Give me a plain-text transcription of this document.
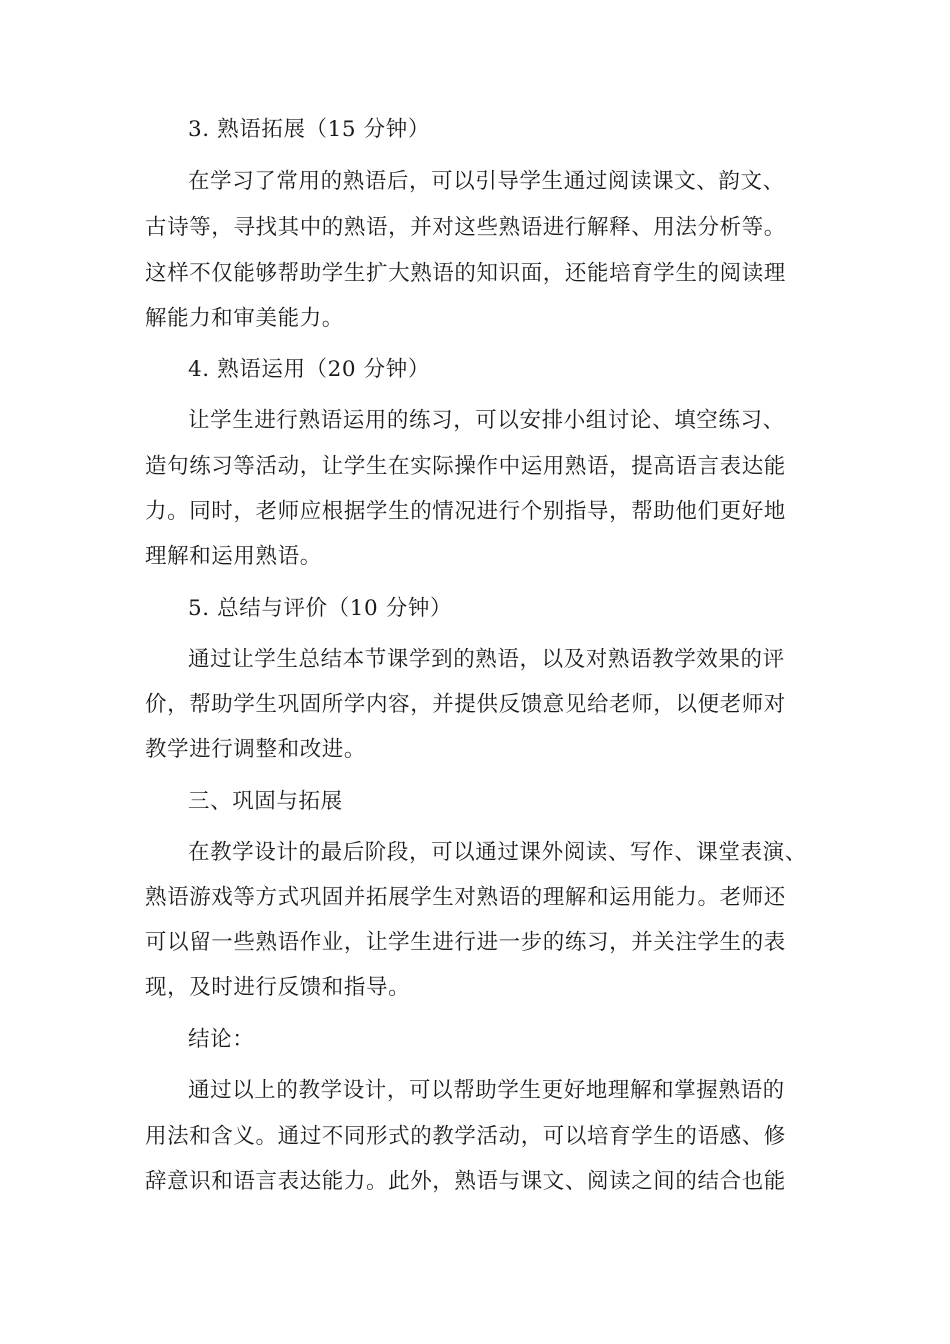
3. 熟语拓展（15 分钟）
在学习了常用的熟语后，可以引导学生通过阅读课文、韵文、
古诗等，寻找其中的熟语，并对这些熟语进行解释、用法分析等。
这样不仅能够帮助学生扩大熟语的知识面，还能培育学生的阅读理
解能力和审美能力。
4. 熟语运用（20 分钟）
让学生进行熟语运用的练习，可以安排小组讨论、填空练习、
造句练习等活动，让学生在实际操作中运用熟语，提高语言表达能
力。同时，老师应根据学生的情况进行个别指导，帮助他们更好地
理解和运用熟语。
5. 总结与评价（10 分钟）
通过让学生总结本节课学到的熟语，以及对熟语教学效果的评
价，帮助学生巩固所学内容，并提供反馈意见给老师，以便老师对
教学进行调整和改进。
三、巩固与拓展
在教学设计的最后阶段，可以通过课外阅读、写作、课堂表演、
熟语游戏等方式巩固并拓展学生对熟语的理解和运用能力。老师还
可以留一些熟语作业，让学生进行进一步的练习，并关注学生的表
现，及时进行反馈和指导。
结论：
通过以上的教学设计，可以帮助学生更好地理解和掌握熟语的
用法和含义。通过不同形式的教学活动，可以培育学生的语感、修
辞意识和语言表达能力。此外，熟语与课文、阅读之间的结合也能
